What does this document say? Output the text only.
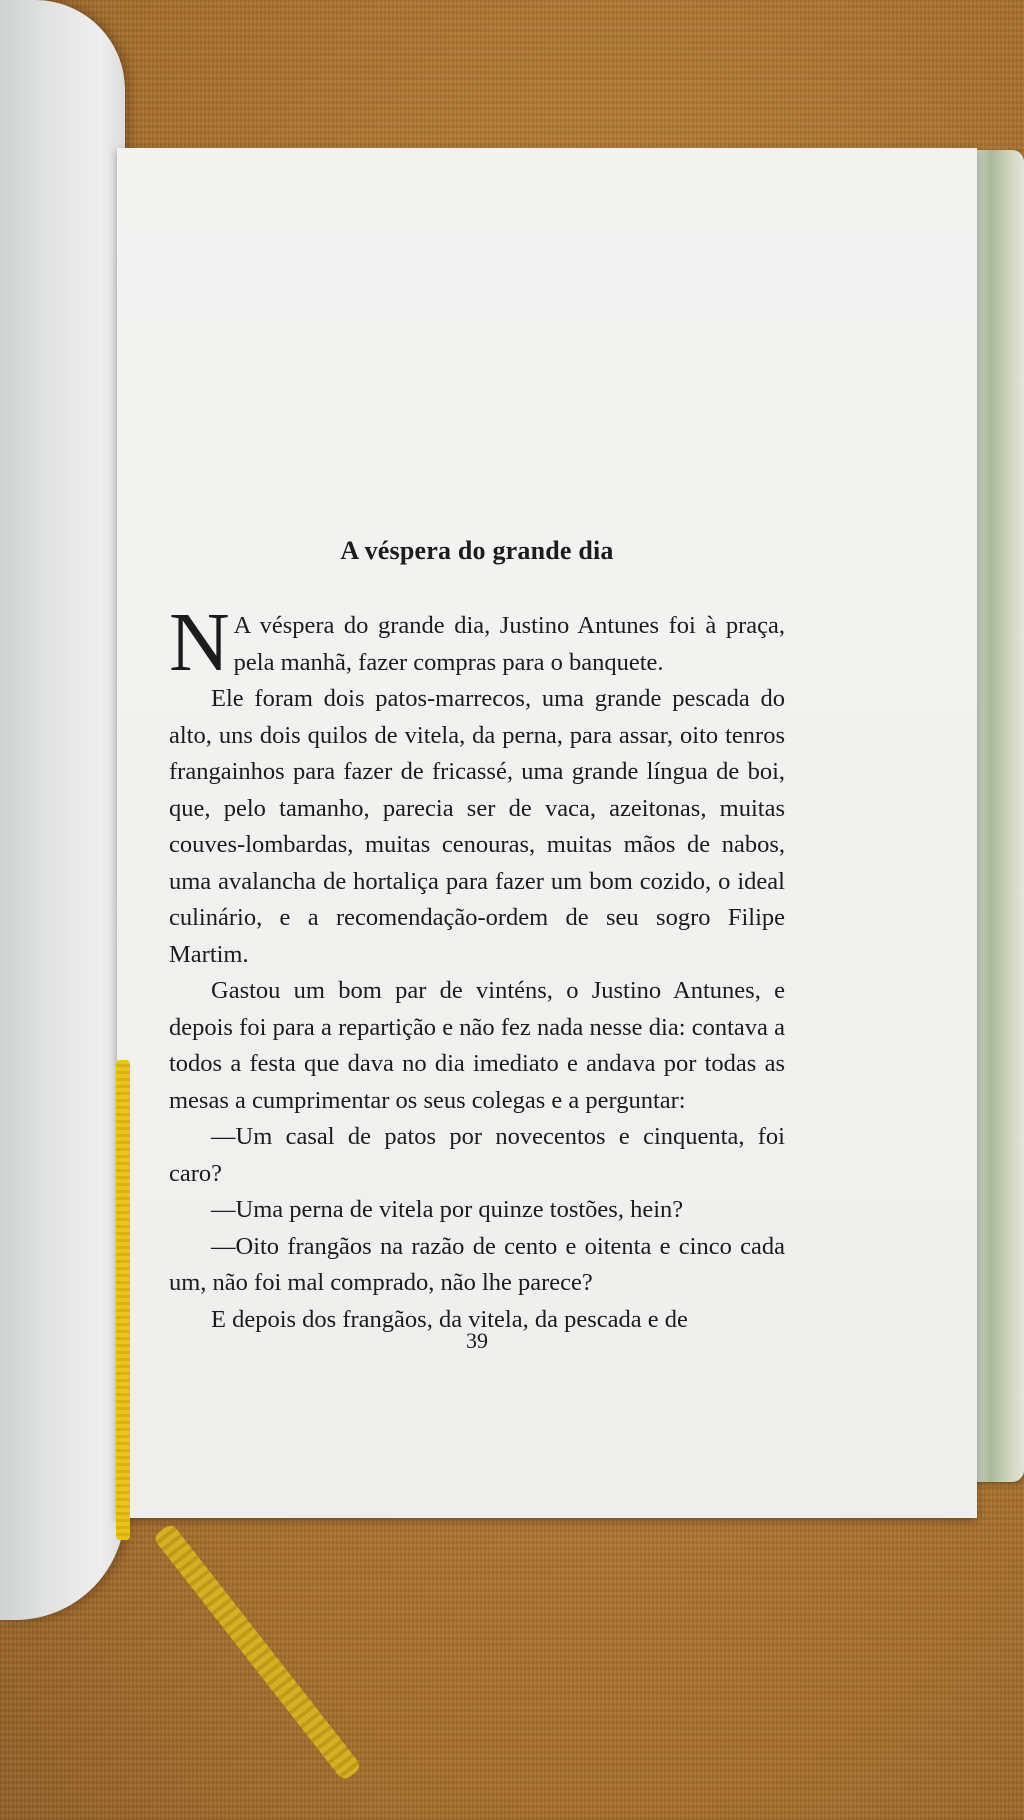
A véspera do grande dia

N A véspera do grande dia, Justino Antunes foi à praça, pela manhã, fazer compras para o banquete.

Ele foram dois patos-marrecos, uma grande pescada do alto, uns dois quilos de vitela, da perna, para assar, oito tenros frangainhos para fazer de fricassé, uma grande língua de boi, que, pelo tamanho, parecia ser de vaca, azeitonas, muitas couves-lombardas, muitas cenouras, muitas mãos de nabos, uma avalancha de hortaliça para fazer um bom cozido, o ideal culinário, e a recomendação-ordem de seu sogro Filipe Martim.

Gastou um bom par de vinténs, o Justino Antunes, e depois foi para a repartição e não fez nada nesse dia: contava a todos a festa que dava no dia imediato e andava por todas as mesas a cumprimentar os seus colegas e a perguntar:

—Um casal de patos por novecentos e cinquenta, foi caro?

—Uma perna de vitela por quinze tostões, hein?

—Oito frangãos na razão de cento e oitenta e cinco cada um, não foi mal comprado, não lhe parece?

E depois dos frangãos, da vitela, da pescada e de

39
